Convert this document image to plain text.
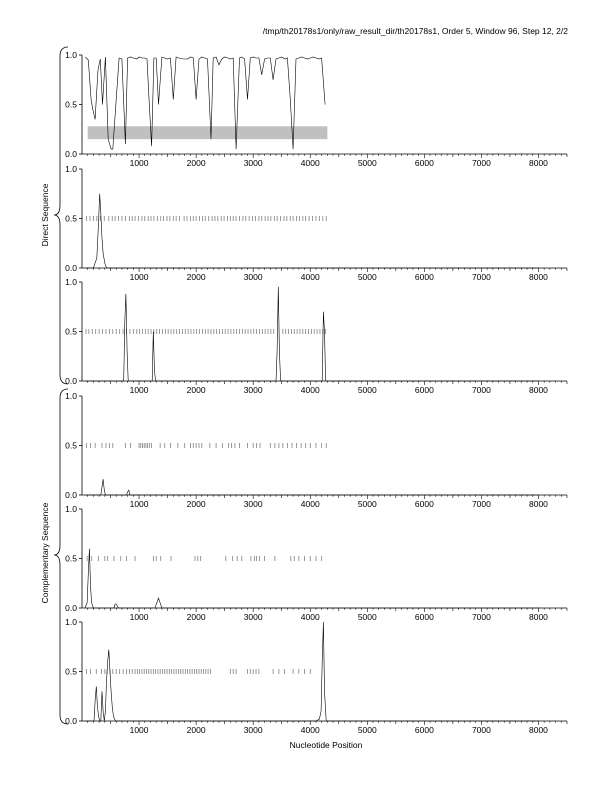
/tmp/th20178s1/only/raw_result_dir/th20178s1, Order 5, Window 96, Step 12, 2/2
Direct Sequence
Complementary Sequence
Nucleotide Position
0.0
0.5
1.0
1000	2000	3000	4000	5000	6000	7000	8000
0.0
0.5
1.0
1000	2000	3000	4000	5000	6000	7000	8000
0.0
0.5
1.0
1000	2000	3000	4000	5000	6000	7000	8000
0.0
0.5
1.0
1000	2000	3000	4000	5000	6000	7000	8000
0.0
0.5
1.0
1000	2000	3000	4000	5000	6000	7000	8000
0.0
0.5
1.0
1000	2000	3000	4000	5000	6000	7000	8000
